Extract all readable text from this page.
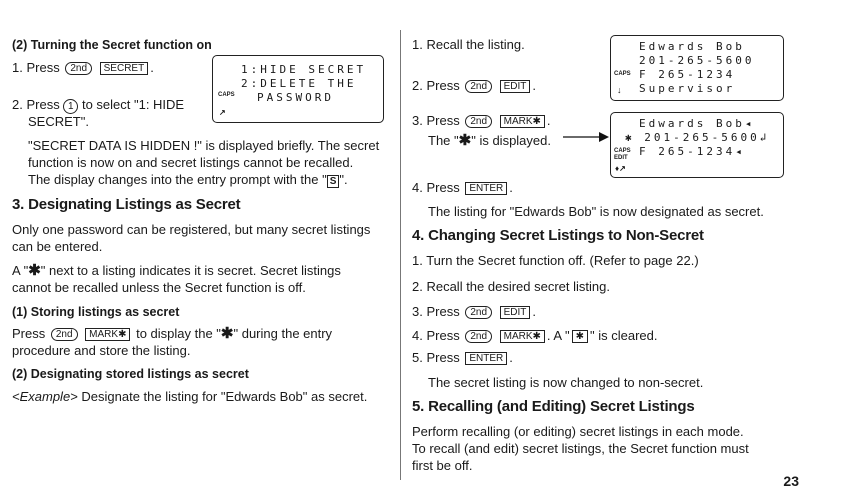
(2) Turning the Secret function on
1. Press 2nd SECRET .
2. Press 1 to select "1: HIDE
SECRET".
"SECRET DATA IS HIDDEN !" is displayed briefly. The secret
function is now on and secret listings cannot be recalled.
The display changes into the entry prompt with the " S ".
3. Designating Listings as Secret
Only one password can be registered, but many secret listings
can be entered.
A "✱" next to a listing indicates it is secret. Secret listings
cannot be recalled unless the Secret function is off.
(1) Storing listings as secret
Press 2nd MARK✱ to display the "✱" during the entry
procedure and store the listing.
(2) Designating stored listings as secret
<Example> Designate the listing for "Edwards Bob" as secret.
1:HIDE SECRET
2:DELETE THE
PASSWORD
CAPS
↗
1. Recall the listing.
2. Press 2nd EDIT .
3. Press 2nd MARK✱ .
The "✱" is displayed.
4. Press ENTER .
The listing for "Edwards Bob" is now designated as secret.
4. Changing Secret Listings to Non-Secret
1. Turn the Secret function off. (Refer to page 22.)
2. Recall the desired secret listing.
3. Press 2nd EDIT .
4. Press 2nd MARK✱ . A " ✱ " is cleared.
5. Press ENTER .
The secret listing is now changed to non-secret.
5. Recalling (and Editing) Secret Listings
Perform recalling (or editing) secret listings in each mode.
To recall (and edit) secret listings, the Secret function must
first be off.
Edwards Bob
201-265-5600
F 265-1234
Supervisor
CAPS
↓
Edwards Bob◂
✱ 201-265-5600↲
F 265-1234◂
CAPS
EDIT
♦↗
23
